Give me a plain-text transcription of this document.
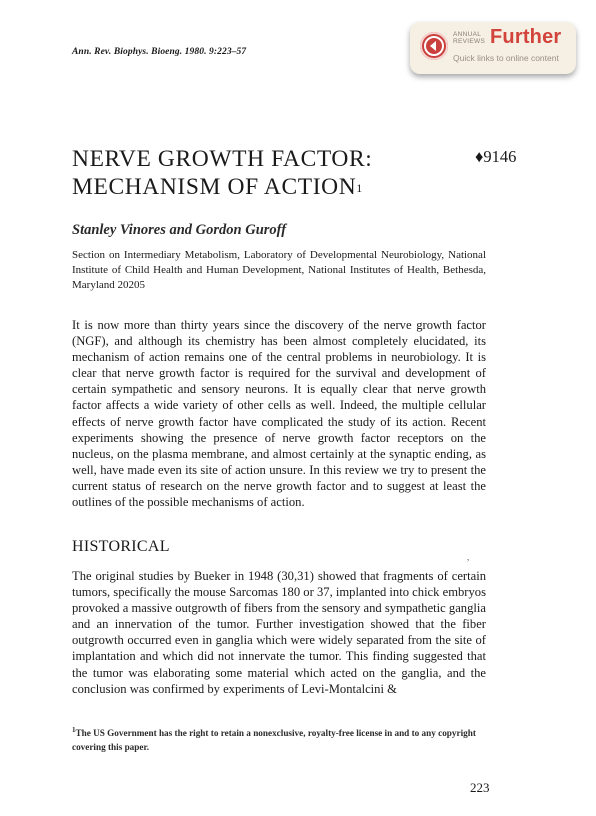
Ann. Rev. Biophys. Bioeng. 1980. 9:223–57
ANNUAL
REVIEWS Further
Quick links to online content
NERVE GROWTH FACTOR:
MECHANISM OF ACTION$^1$
♦9146
Stanley Vinores and Gordon Guroff
Section on Intermediary Metabolism, Laboratory of Developmental Neurobiology, National Institute of Child Health and Human Development, National Institutes of Health, Bethesda, Maryland 20205
It is now more than thirty years since the discovery of the nerve growth factor (NGF), and although its chemistry has been almost completely elucidated, its mechanism of action remains one of the central problems in neurobiology. It is clear that nerve growth factor is required for the survival and development of certain sympathetic and sensory neurons. It is equally clear that nerve growth factor affects a wide variety of other cells as well. Indeed, the multiple cellular effects of nerve growth factor have complicated the study of its action. Recent experiments showing the presence of nerve growth factor receptors on the nucleus, on the plasma membrane, and almost certainly at the synaptic ending, as well, have made even its site of action unsure. In this review we try to present the current status of research on the nerve growth factor and to suggest at least the outlines of the possible mechanisms of action.
HISTORICAL
,
The original studies by Bueker in 1948 (30,31) showed that fragments of certain tumors, specifically the mouse Sarcomas 180 or 37, implanted into chick embryos provoked a massive outgrowth of fibers from the sensory and sympathetic ganglia and an innervation of the tumor. Further investigation showed that the fiber outgrowth occurred even in ganglia which were widely separated from the site of implantation and which did not innervate the tumor. This finding suggested that the tumor was elaborating some material which acted on the ganglia, and the conclusion was confirmed by experiments of Levi-Montalcini &
$^1$The US Government has the right to retain a nonexclusive, royalty-free license in and to any copyright covering this paper.
223
